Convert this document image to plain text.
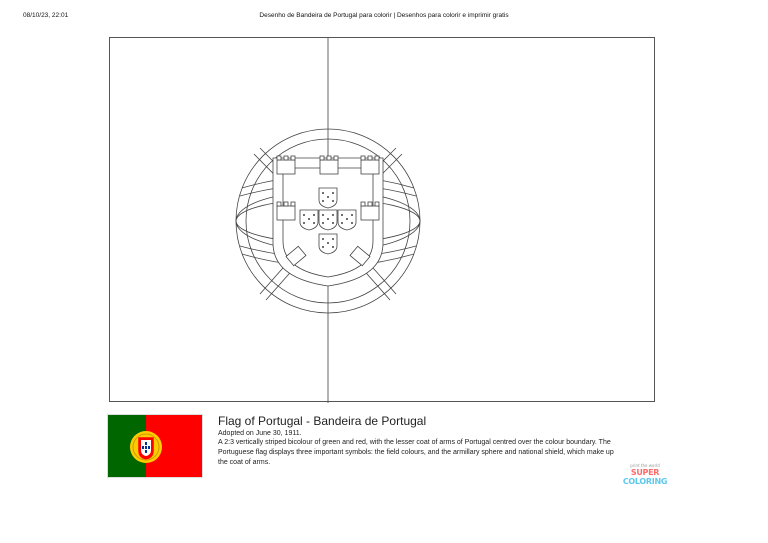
08/10/23, 22:01	Desenho de Bandeira de Portugal para colorir | Desenhos para colorir e imprimir gratis
Flag of Portugal - Bandeira de Portugal
Adopted on June 30, 1911.

A 2:3 vertically striped bicolour of green and red, with the lesser coat of arms of Portugal centred over the colour boundary. The Portuguese flag displays three important symbols: the field colours, and the armillary sphere and national shield, which make up the coat of arms.	print the world
SUPER
COLORING
